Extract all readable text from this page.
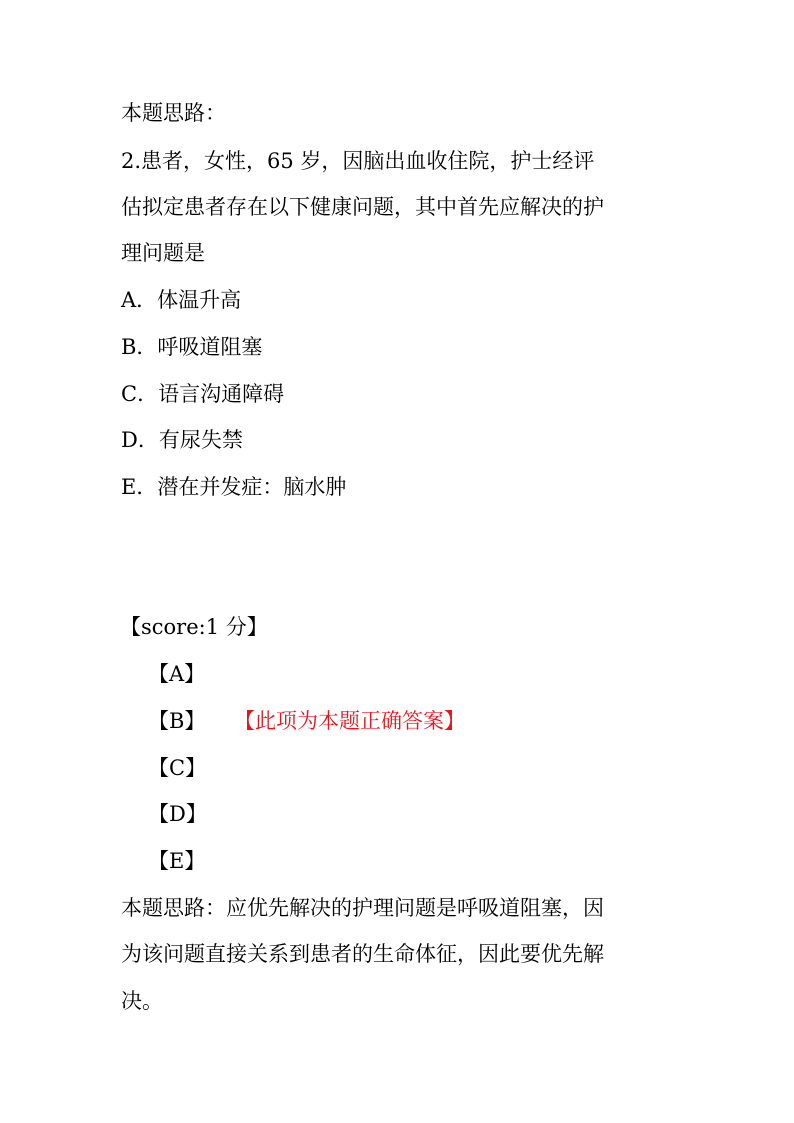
本题思路：
2.患者，女性，65 岁，因脑出血收住院，护士经评
估拟定患者存在以下健康问题，其中首先应解决的护
理问题是
A．体温升高
B．呼吸道阻塞
C．语言沟通障碍
D．有尿失禁
E．潜在并发症：脑水肿
【score:1 分】
【A】
【B】 【此项为本题正确答案】
【C】
【D】
【E】
本题思路：应优先解决的护理问题是呼吸道阻塞，因
为该问题直接关系到患者的生命体征，因此要优先解
决。
